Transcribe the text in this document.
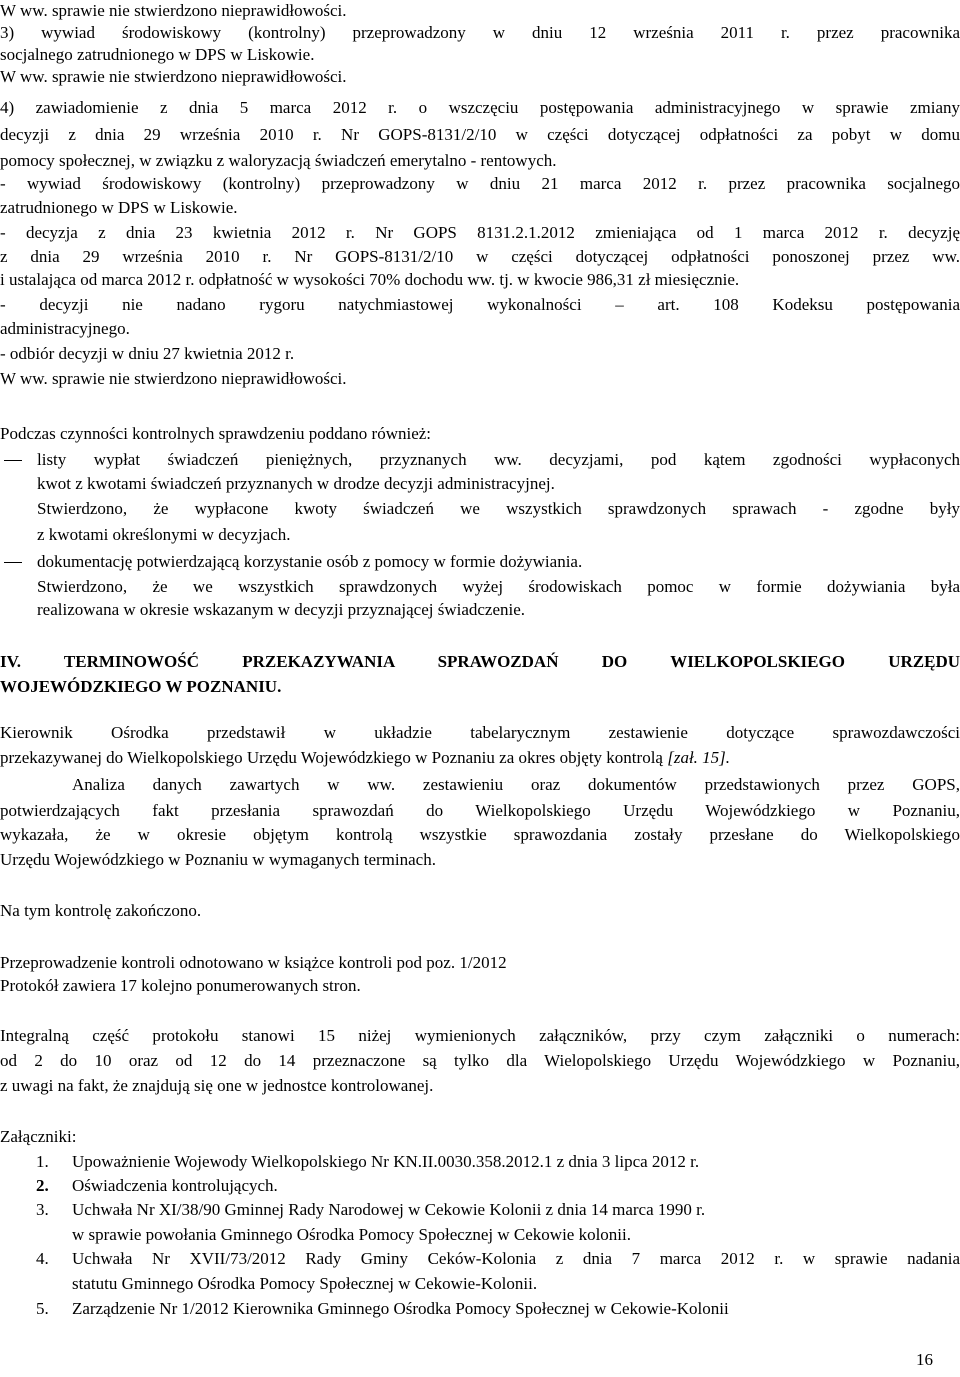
W ww. sprawie nie stwierdzono nieprawidłowości.
3) wywiad środowiskowy (kontrolny) przeprowadzony w dniu 12 września 2011 r. przez pracownika
socjalnego zatrudnionego w DPS w Liskowie.
W ww. sprawie nie stwierdzono nieprawidłowości.
4) zawiadomienie z dnia 5 marca 2012 r. o wszczęciu postępowania administracyjnego w sprawie zmiany
decyzji z dnia 29 września 2010 r. Nr GOPS-8131/2/10 w części dotyczącej odpłatności za pobyt w domu
pomocy społecznej, w związku z waloryzacją świadczeń emerytalno - rentowych.
- wywiad środowiskowy (kontrolny) przeprowadzony w dniu 21 marca 2012 r. przez pracownika socjalnego
zatrudnionego w DPS w Liskowie.
- decyzja z dnia 23 kwietnia 2012 r. Nr GOPS 8131.2.1.2012 zmieniająca od 1 marca 2012 r. decyzję
z dnia 29 września 2010 r. Nr GOPS-8131/2/10 w części dotyczącej odpłatności ponoszonej przez ww.
i ustalająca od marca 2012 r. odpłatność w wysokości 70% dochodu ww. tj. w kwocie 986,31 zł miesięcznie.
- decyzji nie nadano rygoru natychmiastowej wykonalności – art. 108 Kodeksu postępowania
administracyjnego.
- odbiór decyzji w dniu 27 kwietnia 2012 r.
W ww. sprawie nie stwierdzono nieprawidłowości.
Podczas czynności kontrolnych sprawdzeniu poddano również:
listy wypłat świadczeń pieniężnych, przyznanych ww. decyzjami, pod kątem zgodności wypłaconych
kwot z kwotami świadczeń przyznanych w drodze decyzji administracyjnej.
Stwierdzono, że wypłacone kwoty świadczeń we wszystkich sprawdzonych sprawach - zgodne były
z kwotami określonymi w decyzjach.
dokumentację potwierdzającą korzystanie osób z pomocy w formie dożywiania.
Stwierdzono, że we wszystkich sprawdzonych wyżej środowiskach pomoc w formie dożywiania była
realizowana w okresie wskazanym w decyzji przyznającej świadczenie.
IV. TERMINOWOŚĆ PRZEKAZYWANIA SPRAWOZDAŃ DO WIELKOPOLSKIEGO URZĘDU
WOJEWÓDZKIEGO W POZNANIU.
Kierownik Ośrodka przedstawił w układzie tabelarycznym zestawienie dotyczące sprawozdawczości
przekazywanej do Wielkopolskiego Urzędu Wojewódzkiego w Poznaniu za okres objęty kontrolą [zał. 15].
Analiza danych zawartych w ww. zestawieniu oraz dokumentów przedstawionych przez GOPS,
potwierdzających fakt przesłania sprawozdań do Wielkopolskiego Urzędu Wojewódzkiego w Poznaniu,
wykazała, że w okresie objętym kontrolą wszystkie sprawozdania zostały przesłane do Wielkopolskiego
Urzędu Wojewódzkiego w Poznaniu w wymaganych terminach.
Na tym kontrolę zakończono.
Przeprowadzenie kontroli odnotowano w książce kontroli pod poz. 1/2012
Protokół zawiera 17 kolejno ponumerowanych stron.
Integralną część protokołu stanowi 15 niżej wymienionych załączników, przy czym załączniki o numerach:
od 2 do 10 oraz od 12 do 14 przeznaczone są tylko dla Wielopolskiego Urzędu Wojewódzkiego w Poznaniu,
z uwagi na fakt, że znajdują się one w jednostce kontrolowanej.
Załączniki:
1.	Upoważnienie Wojewody Wielkopolskiego Nr KN.II.0030.358.2012.1 z dnia 3 lipca 2012 r.
2.	Oświadczenia kontrolujących.
3.	Uchwała Nr XI/38/90 Gminnej Rady Narodowej w Cekowie Kolonii z dnia 14 marca 1990 r.
w sprawie powołania Gminnego Ośrodka Pomocy Społecznej w Cekowie kolonii.
4.	Uchwała Nr XVII/73/2012 Rady Gminy Ceków-Kolonia z dnia 7 marca 2012 r. w sprawie nadania
statutu Gminnego Ośrodka Pomocy Społecznej w Cekowie-Kolonii.
5.	Zarządzenie Nr 1/2012 Kierownika Gminnego Ośrodka Pomocy Społecznej w Cekowie-Kolonii
16
